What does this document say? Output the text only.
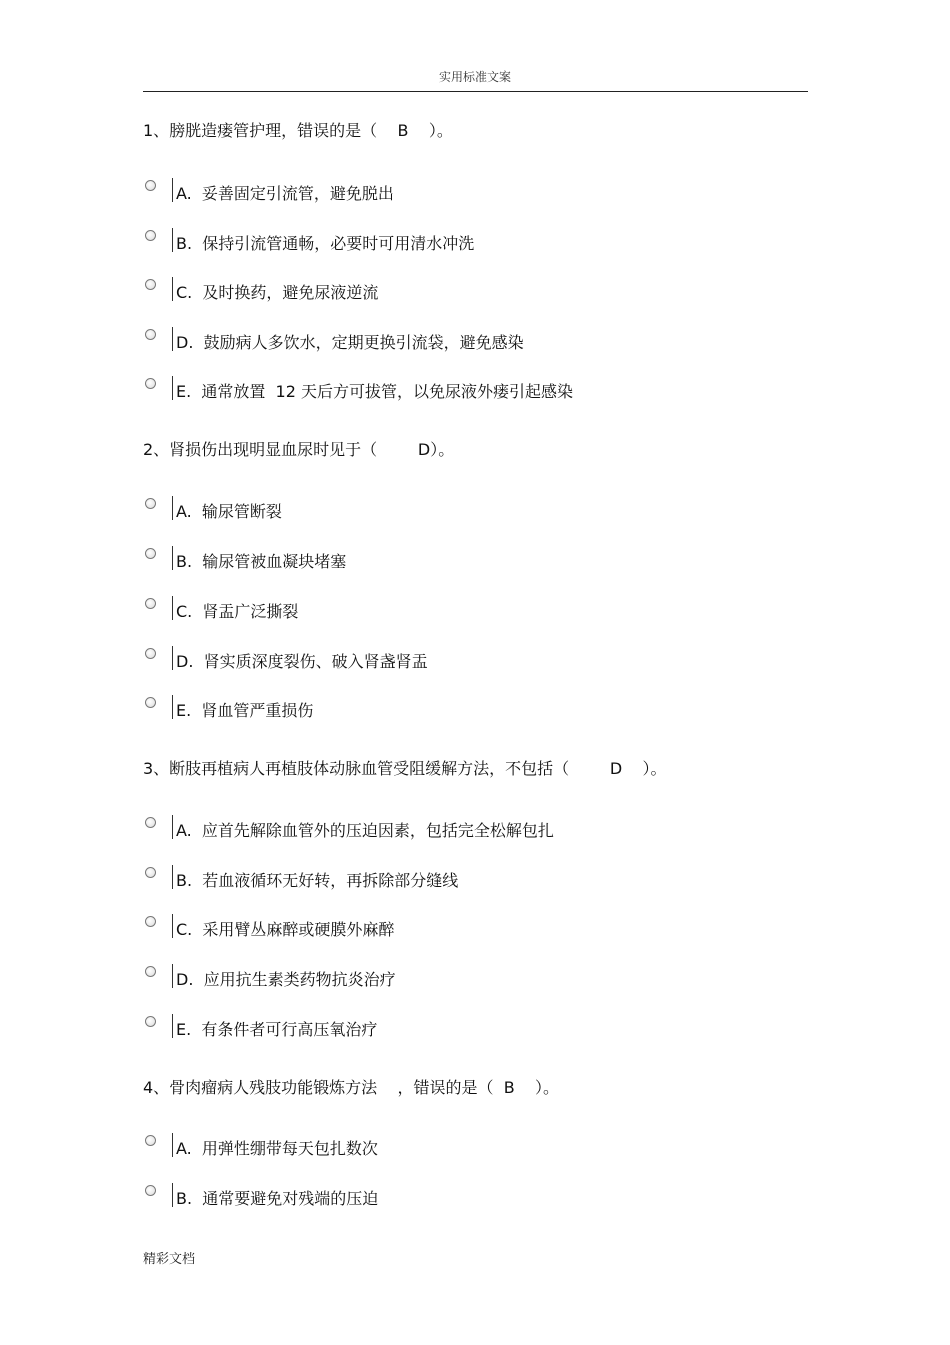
实用标准文案
1、膀胱造瘘管护理，错误的是（    B    ）。
A.  妥善固定引流管，避免脱出
B.  保持引流管通畅，必要时可用清水冲洗
C.  及时换药，避免尿液逆流
D.  鼓励病人多饮水，定期更换引流袋，避免感染
E.  通常放置  12 天后方可拔管，以免尿液外瘘引起感染
2、肾损伤出现明显血尿时见于（        D）。
A.  输尿管断裂
B.  输尿管被血凝块堵塞
C.  肾盂广泛撕裂
D.  肾实质深度裂伤、破入肾盏肾盂
E.  肾血管严重损伤
3、断肢再植病人再植肢体动脉血管受阻缓解方法，不包括（        D    ）。
A.  应首先解除血管外的压迫因素，包括完全松解包扎
B.  若血液循环无好转，再拆除部分缝线
C.  采用臂丛麻醉或硬膜外麻醉
D.  应用抗生素类药物抗炎治疗
E.  有条件者可行高压氧治疗
4、骨肉瘤病人残肢功能锻炼方法    ，错误的是（  B    ）。
A.  用弹性绷带每天包扎数次
B.  通常要避免对残端的压迫
精彩文档
